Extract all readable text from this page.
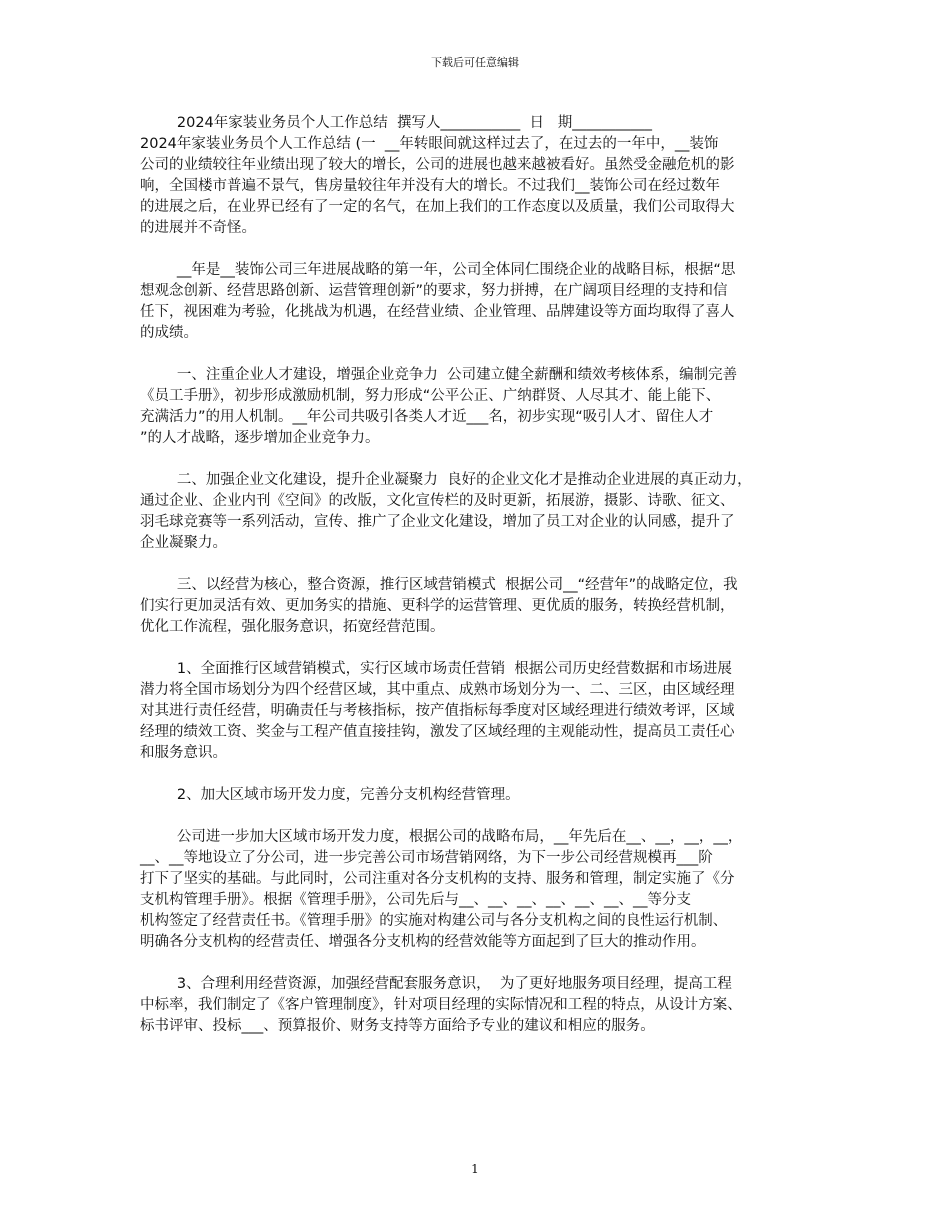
下载后可任意编辑
2024年家装业务员个人工作总结  撰写人___________  日   期___________
2024年家装业务员个人工作总结 (一  __年转眼间就这样过去了，在过去的一年中，__装饰
公司的业绩较往年业绩出现了较大的增长，公司的进展也越来越被看好。虽然受金融危机的影
响，全国楼市普遍不景气，售房量较往年并没有大的增长。不过我们__装饰公司在经过数年
的进展之后，在业界已经有了一定的名气，在加上我们的工作态度以及质量，我们公司取得大
的进展并不奇怪。
__年是__装饰公司三年进展战略的第一年，公司全体同仁围绕企业的战略目标，根据“思
想观念创新、经营思路创新、运营管理创新”的要求，努力拼搏，在广阔项目经理的支持和信
任下，视困难为考验，化挑战为机遇，在经营业绩、企业管理、品牌建设等方面均取得了喜人
的成绩。
一、注重企业人才建设，增强企业竞争力  公司建立健全薪酬和绩效考核体系，编制完善
《员工手册》，初步形成激励机制，努力形成“公平公正、广纳群贤、人尽其才、能上能下、
充满活力”的用人机制。__年公司共吸引各类人才近___名，初步实现“吸引人才、留住人才
”的人才战略，逐步增加企业竞争力。
二、加强企业文化建设，提升企业凝聚力  良好的企业文化才是推动企业进展的真正动力，
通过企业、企业内刊《空间》的改版，文化宣传栏的及时更新，拓展游，摄影、诗歌、征文、
羽毛球竞赛等一系列活动，宣传、推广了企业文化建设，增加了员工对企业的认同感，提升了
企业凝聚力。
三、以经营为核心，整合资源，推行区域营销模式  根据公司__“经营年”的战略定位，我
们实行更加灵活有效、更加务实的措施、更科学的运营管理、更优质的服务，转换经营机制，
优化工作流程，强化服务意识，拓宽经营范围。
1、全面推行区域营销模式，实行区域市场责任营销  根据公司历史经营数据和市场进展
潜力将全国市场划分为四个经营区域，其中重点、成熟市场划分为一、二、三区，由区域经理
对其进行责任经营，明确责任与考核指标，按产值指标每季度对区域经理进行绩效考评，区域
经理的绩效工资、奖金与工程产值直接挂钩，激发了区域经理的主观能动性，提高员工责任心
和服务意识。
2、加大区域市场开发力度，完善分支机构经营管理。
公司进一步加大区域市场开发力度，根据公司的战略布局，__年先后在__、__，__，__，
__、__等地设立了分公司，进一步完善公司市场营销网络，为下一步公司经营规模再___阶
打下了坚实的基础。与此同时，公司注重对各分支机构的支持、服务和管理，制定实施了《分
支机构管理手册》。根据《管理手册》，公司先后与__、__、__、__、__、__、__等分支
机构签定了经营责任书。《管理手册》的实施对构建公司与各分支机构之间的良性运行机制、
明确各分支机构的经营责任、增强各分支机构的经营效能等方面起到了巨大的推动作用。
3、合理利用经营资源，加强经营配套服务意识，  为了更好地服务项目经理，提高工程
中标率，我们制定了《客户管理制度》，针对项目经理的实际情况和工程的特点，从设计方案、
标书评审、投标___、预算报价、财务支持等方面给予专业的建议和相应的服务。
1
